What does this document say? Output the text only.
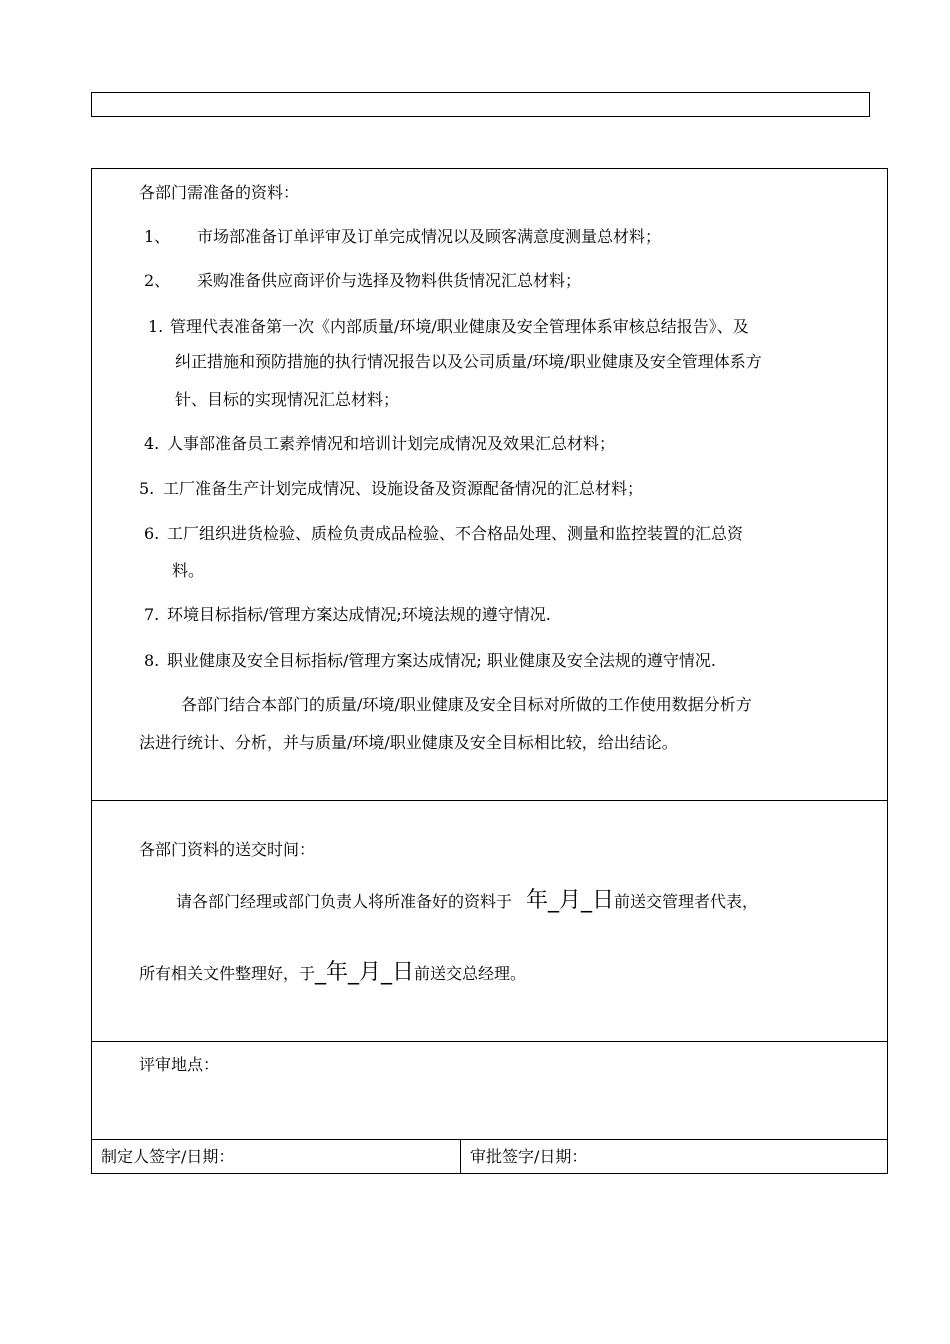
各部门需准备的资料：
1、 市场部准备订单评审及订单完成情况以及顾客满意度测量总材料；
2、 采购准备供应商评价与选择及物料供货情况汇总材料；
1. 管理代表准备第一次《内部质量/环境/职业健康及安全管理体系审核总结报告》、及
纠正措施和预防措施的执行情况报告以及公司质量/环境/职业健康及安全管理体系方
针、目标的实现情况汇总材料；
4. 人事部准备员工素养情况和培训计划完成情况及效果汇总材料；
5. 工厂准备生产计划完成情况、设施设备及资源配备情况的汇总材料；
6. 工厂组织进货检验、质检负责成品检验、不合格品处理、测量和监控装置的汇总资
料。
7. 环境目标指标/管理方案达成情况;环境法规的遵守情况.
8. 职业健康及安全目标指标/管理方案达成情况; 职业健康及安全法规的遵守情况.
各部门结合本部门的质量/环境/职业健康及安全目标对所做的工作使用数据分析方
法进行统计、分析，并与质量/环境/职业健康及安全目标相比较，给出结论。
各部门资料的送交时间：
请各部门经理或部门负责人将所准备好的资料于 年_月_日前送交管理者代表，
所有相关文件整理好，于_年_月_日前送交总经理。
评审地点：
制定人签字/日期：	审批签字/日期：
